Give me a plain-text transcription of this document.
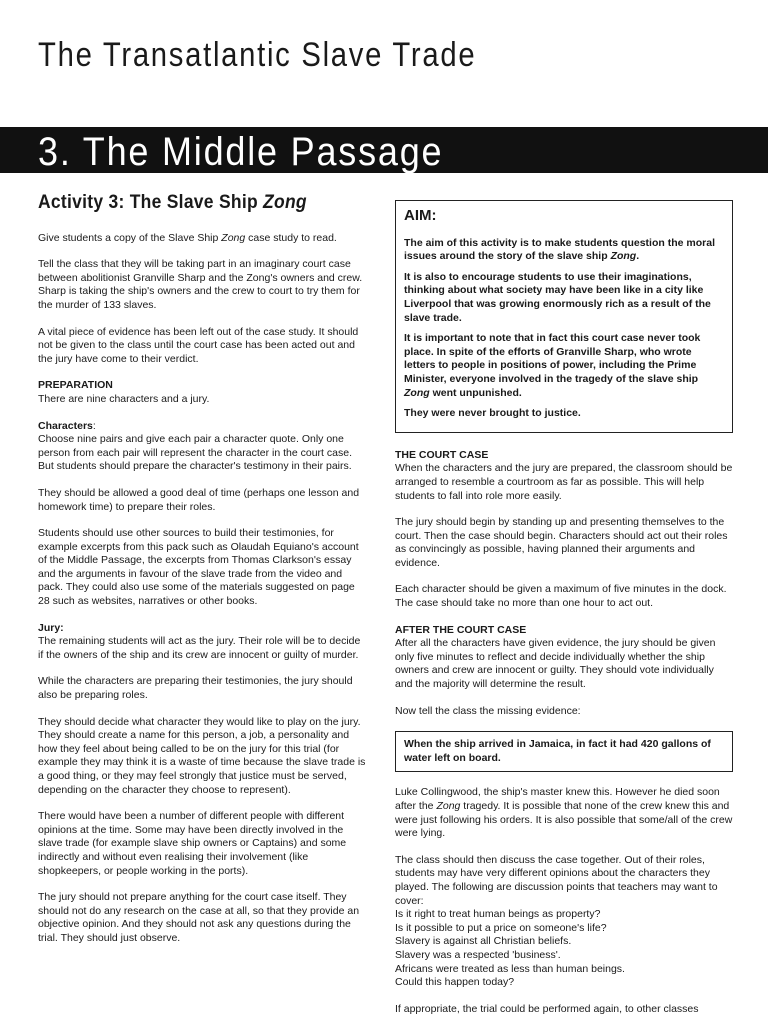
The Transatlantic Slave Trade
3. The Middle Passage
Activity 3: The Slave Ship Zong

Give students a copy of the Slave Ship Zong case study to read.

Tell the class that they will be taking part in an imaginary court case between abolitionist Granville Sharp and the Zong's owners and crew. Sharp is taking the ship's owners and the crew to court to try them for the murder of 133 slaves.

A vital piece of evidence has been left out of the case study. It should not be given to the class until the court case has been acted out and the jury have come to their verdict.

PREPARATION

There are nine characters and a jury.

Characters:

Choose nine pairs and give each pair a character quote. Only one person from each pair will represent the character in the court case. But students should prepare the character's testimony in their pairs.

They should be allowed a good deal of time (perhaps one lesson and homework time) to prepare their roles.

Students should use other sources to build their testimonies, for example excerpts from this pack such as Olaudah Equiano's account of the Middle Passage, the excerpts from Thomas Clarkson's essay and the arguments in favour of the slave trade from the video and pack. They could also use some of the materials suggested on page 28 such as websites, narratives or other books.

Jury:

The remaining students will act as the jury. Their role will be to decide if the owners of the ship and its crew are innocent or guilty of murder.

While the characters are preparing their testimonies, the jury should also be preparing roles.

They should decide what character they would like to play on the jury. They should create a name for this person, a job, a personality and how they feel about being called to be on the jury for this trial (for example they may think it is a waste of time because the slave trade is a good thing, or they may feel strongly that justice must be served, depending on the character they choose to represent).

There would have been a number of different people with different opinions at the time. Some may have been directly involved in the slave trade (for example slave ship owners or Captains) and some indirectly and without even realising their involvement (like shopkeepers, or people working in the ports).

The jury should not prepare anything for the court case itself. They should not do any research on the case at all, so that they provide an objective opinion. And they should not ask any questions during the trial. They should just observe.

AIM:

The aim of this activity is to make students question the moral issues around the story of the slave ship Zong.

It is also to encourage students to use their imaginations, thinking about what society may have been like in a city like Liverpool that was growing enormously rich as a result of the slave trade.

It is important to note that in fact this court case never took place. In spite of the efforts of Granville Sharp, who wrote letters to people in positions of power, including the Prime Minister, everyone involved in the tragedy of the slave ship Zong went unpunished.

They were never brought to justice.

THE COURT CASE

When the characters and the jury are prepared, the classroom should be arranged to resemble a courtroom as far as possible. This will help students to fall into role more easily.

The jury should begin by standing up and presenting themselves to the court. Then the case should begin. Characters should act out their roles as convincingly as possible, having planned their arguments and evidence.

Each character should be given a maximum of five minutes in the dock. The case should take no more than one hour to act out.

AFTER THE COURT CASE

After all the characters have given evidence, the jury should be given only five minutes to reflect and decide individually whether the ship owners and crew are innocent or guilty. They should vote individually and the majority will determine the result.

Now tell the class the missing evidence:

When the ship arrived in Jamaica, in fact it had 420 gallons of water left on board.

Luke Collingwood, the ship's master knew this. However he died soon after the Zong tragedy. It is possible that none of the crew knew this and were just following his orders. It is also possible that some/all of the crew were lying.

The class should then discuss the case together. Out of their roles, students may have very different opinions about the characters they played. The following are discussion points that teachers may want to cover:
Is it right to treat human beings as property?
Is it possible to put a price on someone's life?
Slavery is against all Christian beliefs.
Slavery was a respected 'business'.
Africans were treated as less than human beings.
Could this happen today?

If appropriate, the trial could be performed again, to other classes
